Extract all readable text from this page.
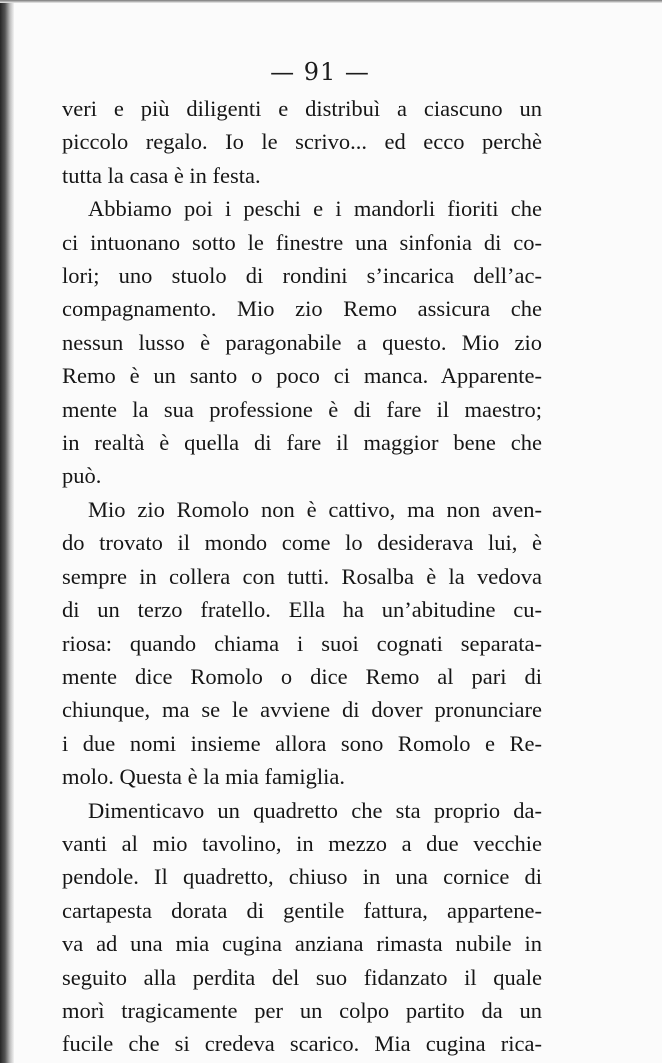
— 91 —
veri e più diligenti e distribuì a ciascuno un
piccolo regalo. Io le scrivo... ed ecco perchè
tutta la casa è in festa.
Abbiamo poi i peschi e i mandorli fioriti che
ci intuonano sotto le finestre una sinfonia di co-
lori; uno stuolo di rondini s’incarica dell’ac-
compagnamento. Mio zio Remo assicura che
nessun lusso è paragonabile a questo. Mio zio
Remo è un santo o poco ci manca. Apparente-
mente la sua professione è di fare il maestro;
in realtà è quella di fare il maggior bene che
può.
Mio zio Romolo non è cattivo, ma non aven-
do trovato il mondo come lo desiderava lui, è
sempre in collera con tutti. Rosalba è la vedova
di un terzo fratello. Ella ha un’abitudine cu-
riosa: quando chiama i suoi cognati separata-
mente dice Romolo o dice Remo al pari di
chiunque, ma se le avviene di dover pronunciare
i due nomi insieme allora sono Romolo e Re-
molo. Questa è la mia famiglia.
Dimenticavo un quadretto che sta proprio da-
vanti al mio tavolino, in mezzo a due vecchie
pendole. Il quadretto, chiuso in una cornice di
cartapesta dorata di gentile fattura, appartene-
va ad una mia cugina anziana rimasta nubile in
seguito alla perdita del suo fidanzato il quale
morì tragicamente per un colpo partito da un
fucile che si credeva scarico. Mia cugina rica-
